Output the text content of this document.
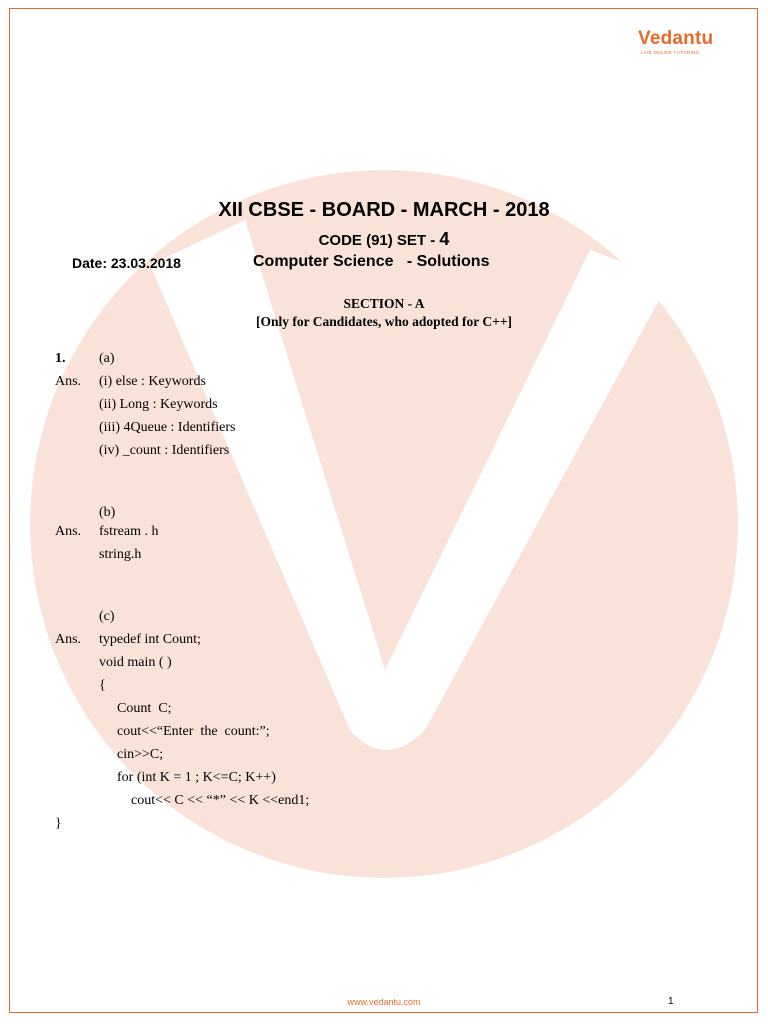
Vedantu
LIVE ONLINE TUTORING
XII CBSE - BOARD - MARCH - 2018
CODE (91) SET - 4
Date: 23.03.2018	Computer Science   - Solutions
SECTION - A
[Only for Candidates, who adopted for C++]
1. (a)
Ans. (i) else : Keywords
(ii) Long : Keywords
(iii) 4Queue : Identifiers
(iv) _count : Identifiers
(b)
Ans. fstream . h
string.h
(c)
Ans. typedef int Count;
void main ( )
{
Count  C;
cout<<“Enter  the  count:”;
cin>>C;
for (int K = 1 ; K<=C; K++)
cout<< C << “*” << K <<end1;
}
www.vedantu.com	1
